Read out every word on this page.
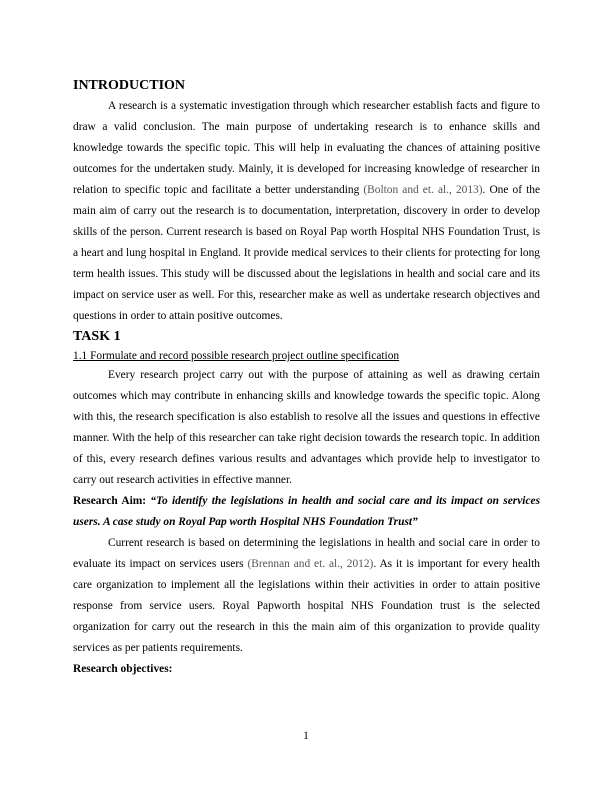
INTRODUCTION

A research is a systematic investigation through which researcher establish facts and figure to draw a valid conclusion. The main purpose of undertaking research is to enhance skills and knowledge towards the specific topic. This will help in evaluating the chances of attaining positive outcomes for the undertaken study. Mainly, it is developed for increasing knowledge of researcher in relation to specific topic and facilitate a better understanding (Bolton and et. al., 2013). One of the main aim of carry out the research is to documentation, interpretation, discovery in order to develop skills of the person. Current research is based on Royal Pap worth Hospital NHS Foundation Trust, is a heart and lung hospital in England. It provide medical services to their clients for protecting for long term health issues. This study will be discussed about the legislations in health and social care and its impact on service user as well. For this, researcher make as well as undertake research objectives and questions in order to attain positive outcomes.

TASK 1

1.1 Formulate and record possible research project outline specification

Every research project carry out with the purpose of attaining as well as drawing certain outcomes which may contribute in enhancing skills and knowledge towards the specific topic. Along with this, the research specification is also establish to resolve all the issues and questions in effective manner. With the help of this researcher can take right decision towards the research topic. In addition of this, every research defines various results and advantages which provide help to investigator to carry out research activities in effective manner.

Research Aim: “To identify the legislations in health and social care and its impact on services users. A case study on Royal Pap worth Hospital NHS Foundation Trust”

Current research is based on determining the legislations in health and social care in order to evaluate its impact on services users (Brennan and et. al., 2012). As it is important for every health care organization to implement all the legislations within their activities in order to attain positive response from service users. Royal Papworth hospital NHS Foundation trust is the selected organization for carry out the research in this the main aim of this organization to provide quality services as per patients requirements.

Research objectives:

1
